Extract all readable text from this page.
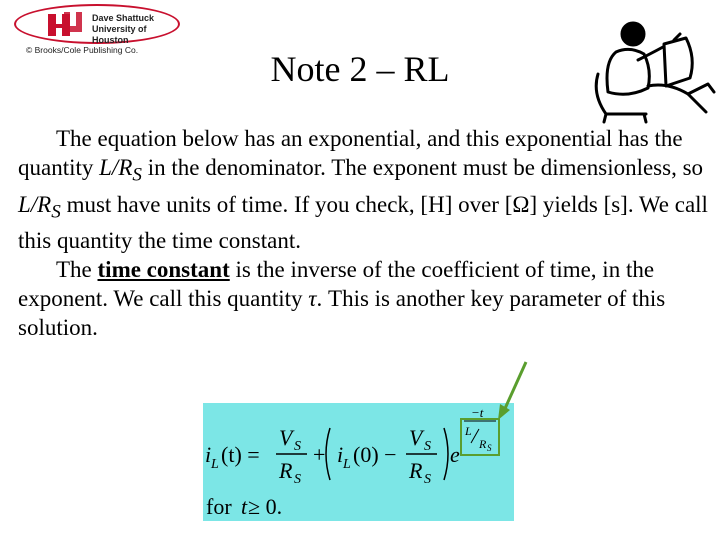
Dave Shattuck
University of Houston
© Brooks/Cole Publishing Co.	Note 2 – RL

The equation below has an exponential, and this exponential has the quantity $L/R_S$ in the denominator. The exponent must be dimensionless, so $L/R_S$ must have units of time. If you check, [H] over [Ω] yields [s]. We call this quantity the time constant.

The time constant is the inverse of the coefficient of time, in the exponent. We call this quantity τ. This is another key parameter of this solution.

i L (t) =
V S
R S
+ i L (0) −
V S
R S
e
−t
L
R S
for t ≥ 0.
